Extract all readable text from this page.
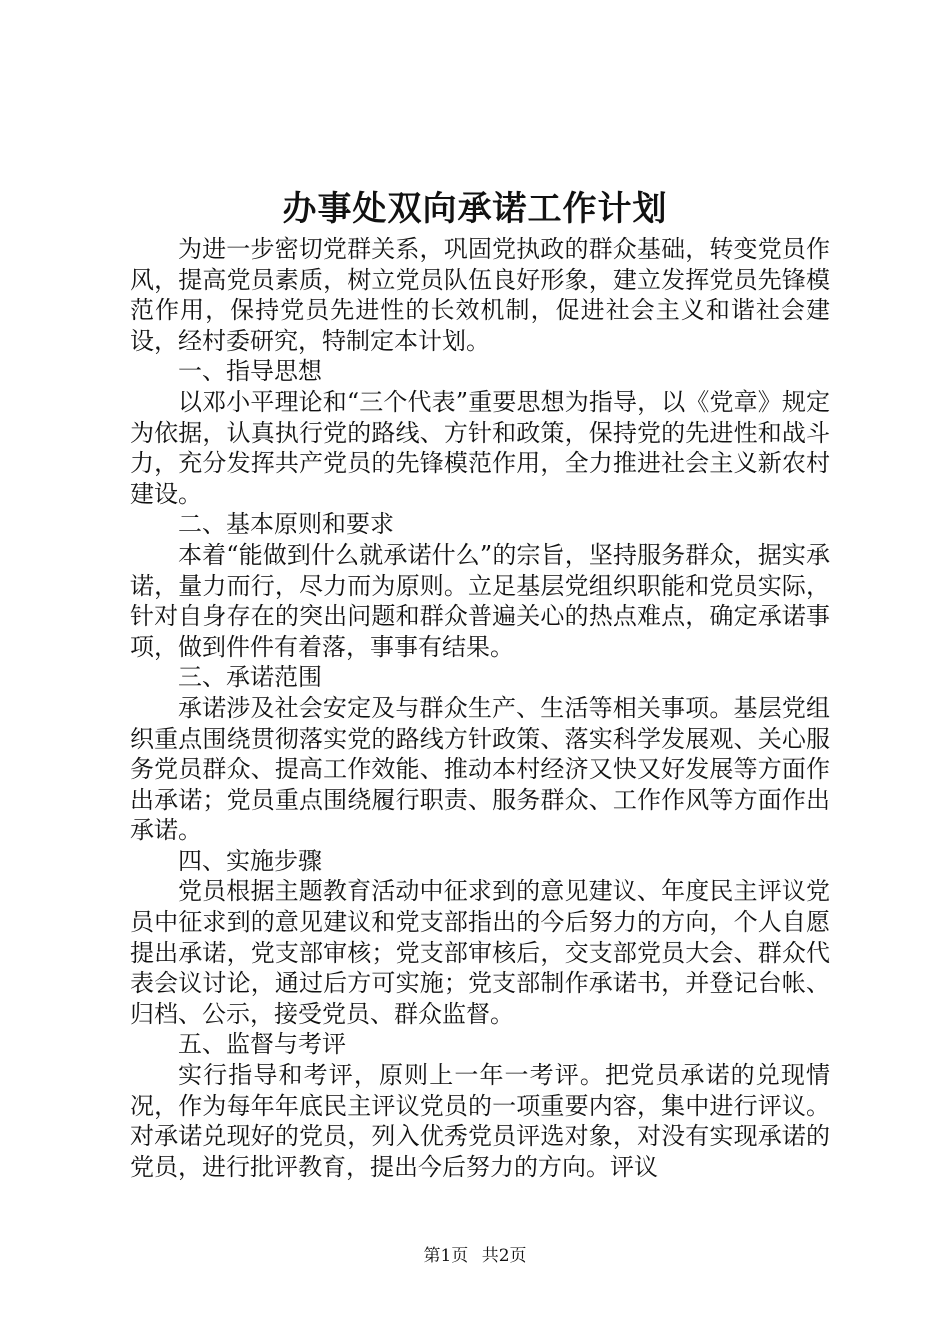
办事处双向承诺工作计划

为进一步密切党群关系，巩固党执政的群众基础，转变党员作风，提高党员素质，树立党员队伍良好形象，建立发挥党员先锋模范作用，保持党员先进性的长效机制，促进社会主义和谐社会建设，经村委研究，特制定本计划。

一、指导思想

以邓小平理论和“三个代表”重要思想为指导，以《党章》规定为依据，认真执行党的路线、方针和政策，保持党的先进性和战斗力，充分发挥共产党员的先锋模范作用，全力推进社会主义新农村建设。

二、基本原则和要求

本着“能做到什么就承诺什么”的宗旨，坚持服务群众，据实承诺，量力而行，尽力而为原则。立足基层党组织职能和党员实际，针对自身存在的突出问题和群众普遍关心的热点难点，确定承诺事项，做到件件有着落，事事有结果。

三、承诺范围

承诺涉及社会安定及与群众生产、生活等相关事项。基层党组织重点围绕贯彻落实党的路线方针政策、落实科学发展观、关心服务党员群众、提高工作效能、推动本村经济又快又好发展等方面作出承诺；党员重点围绕履行职责、服务群众、工作作风等方面作出承诺。

四、实施步骤

党员根据主题教育活动中征求到的意见建议、年度民主评议党员中征求到的意见建议和党支部指出的今后努力的方向，个人自愿提出承诺，党支部审核；党支部审核后，交支部党员大会、群众代表会议讨论，通过后方可实施；党支部制作承诺书，并登记台帐、归档、公示，接受党员、群众监督。

五、监督与考评

实行指导和考评，原则上一年一考评。把党员承诺的兑现情况，作为每年年底民主评议党员的一项重要内容，集中进行评议。对承诺兑现好的党员，列入优秀党员评选对象，对没有实现承诺的党员，进行批评教育，提出今后努力的方向。评议

第1页 共2页
